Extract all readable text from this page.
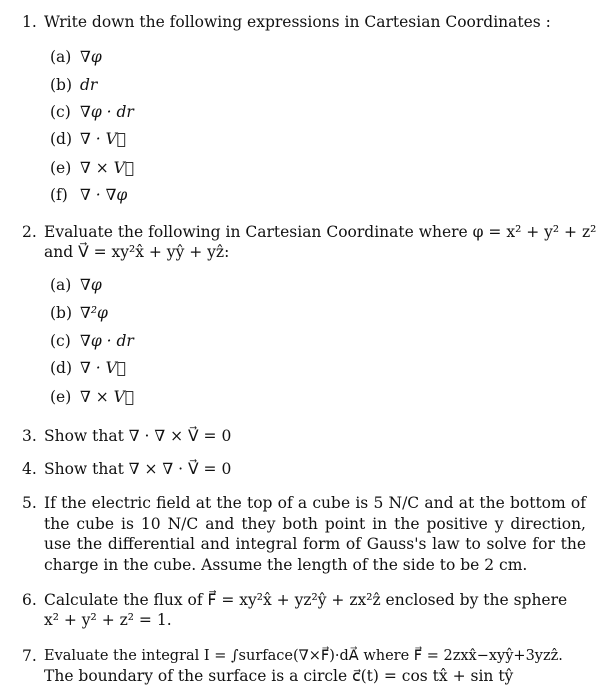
1. Write down the following expressions in Cartesian Coordinates :
(a) ∇φ
(b) dr
(c) ∇φ · dr
(d) ∇ · V⃗
(e) ∇ × V⃗
(f) ∇ · ∇φ
2. Evaluate the following in Cartesian Coordinate where φ = x² + y² + z²
and V⃗ = xy²x̂ + yŷ + yẑ:
(a) ∇φ
(b) ∇²φ
(c) ∇φ · dr
(d) ∇ · V⃗
(e) ∇ × V⃗
3. Show that ∇ · ∇ × V⃗ = 0
4. Show that ∇ × ∇ · V⃗ = 0
5. If the electric field at the top of a cube is 5 N/C and at the bottom of the cube is 10 N/C and they both point in the positive y direction, use the differential and integral form of Gauss's law to solve for the charge in the cube. Assume the length of the side to be 2 cm.
6. Calculate the flux of F⃗ = xy²x̂ + yz²ŷ + zx²ẑ enclosed by the sphere
x² + y² + z² = 1.
7. Evaluate the integral I = ∫surface(∇×F⃗)·dA⃗ where F⃗ = 2zxx̂−xyŷ+3yzẑ.
The boundary of the surface is a circle c⃗(t) = cos tx̂ + sin tŷ
